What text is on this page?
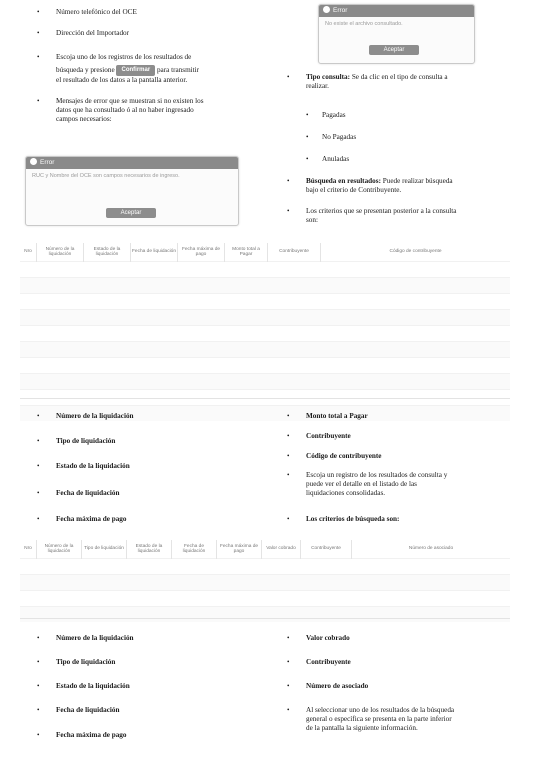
• Número telefónico del OCE
• Dirección del Importador
• Escoja uno de los registros de los resultados de
búsqueda y presione Confirmar para transmitir
el resultado de los datos a la pantalla anterior.
• Mensajes de error que se muestran si no existen los
datos que ha consultado ó al no haber ingresado
campos necesarios:
Error
RUC y Nombre del OCE son campos necesarios de ingreso.
Aceptar
Error
No existe el archivo consultado.
Aceptar
• Tipo consulta: Se da clic en el tipo de consulta a
realizar.
• Pagadas
• No Pagadas
• Anuladas
• Búsqueda en resultados: Puede realizar búsqueda
bajo el criterio de Contribuyente.
• Los criterios que se presentan posterior a la consulta
son:
Nro	Número de la liquidación	Estado de la liquidación	Fecha de liquidación	Fecha máxima de pago	Monto total a Pagar	Contribuyente	Código de contribuyente

• Número de la liquidación
• Tipo de liquidación
• Estado de la liquidación
• Fecha de liquidación
• Fecha máxima de pago
• Monto total a Pagar
• Contribuyente
• Código de contribuyente
• Escoja un registro de los resultados de consulta y
puede ver el detalle en el listado de las
liquidaciones consolidadas.
• Los criterios de búsqueda son:
Nro	Número de la liquidación	Tipo de liquidación	Estado de la liquidación	Fecha de liquidación	Fecha máxima de pago	Valor cobrado	Contribuyente	Número de asociado

• Número de la liquidación
• Tipo de liquidación
• Estado de la liquidación
• Fecha de liquidación
• Fecha máxima de pago
• Valor cobrado
• Contribuyente
• Número de asociado
• Al seleccionar uno de los resultados de la búsqueda
general o específica se presenta en la parte inferior
de la pantalla la siguiente información.
